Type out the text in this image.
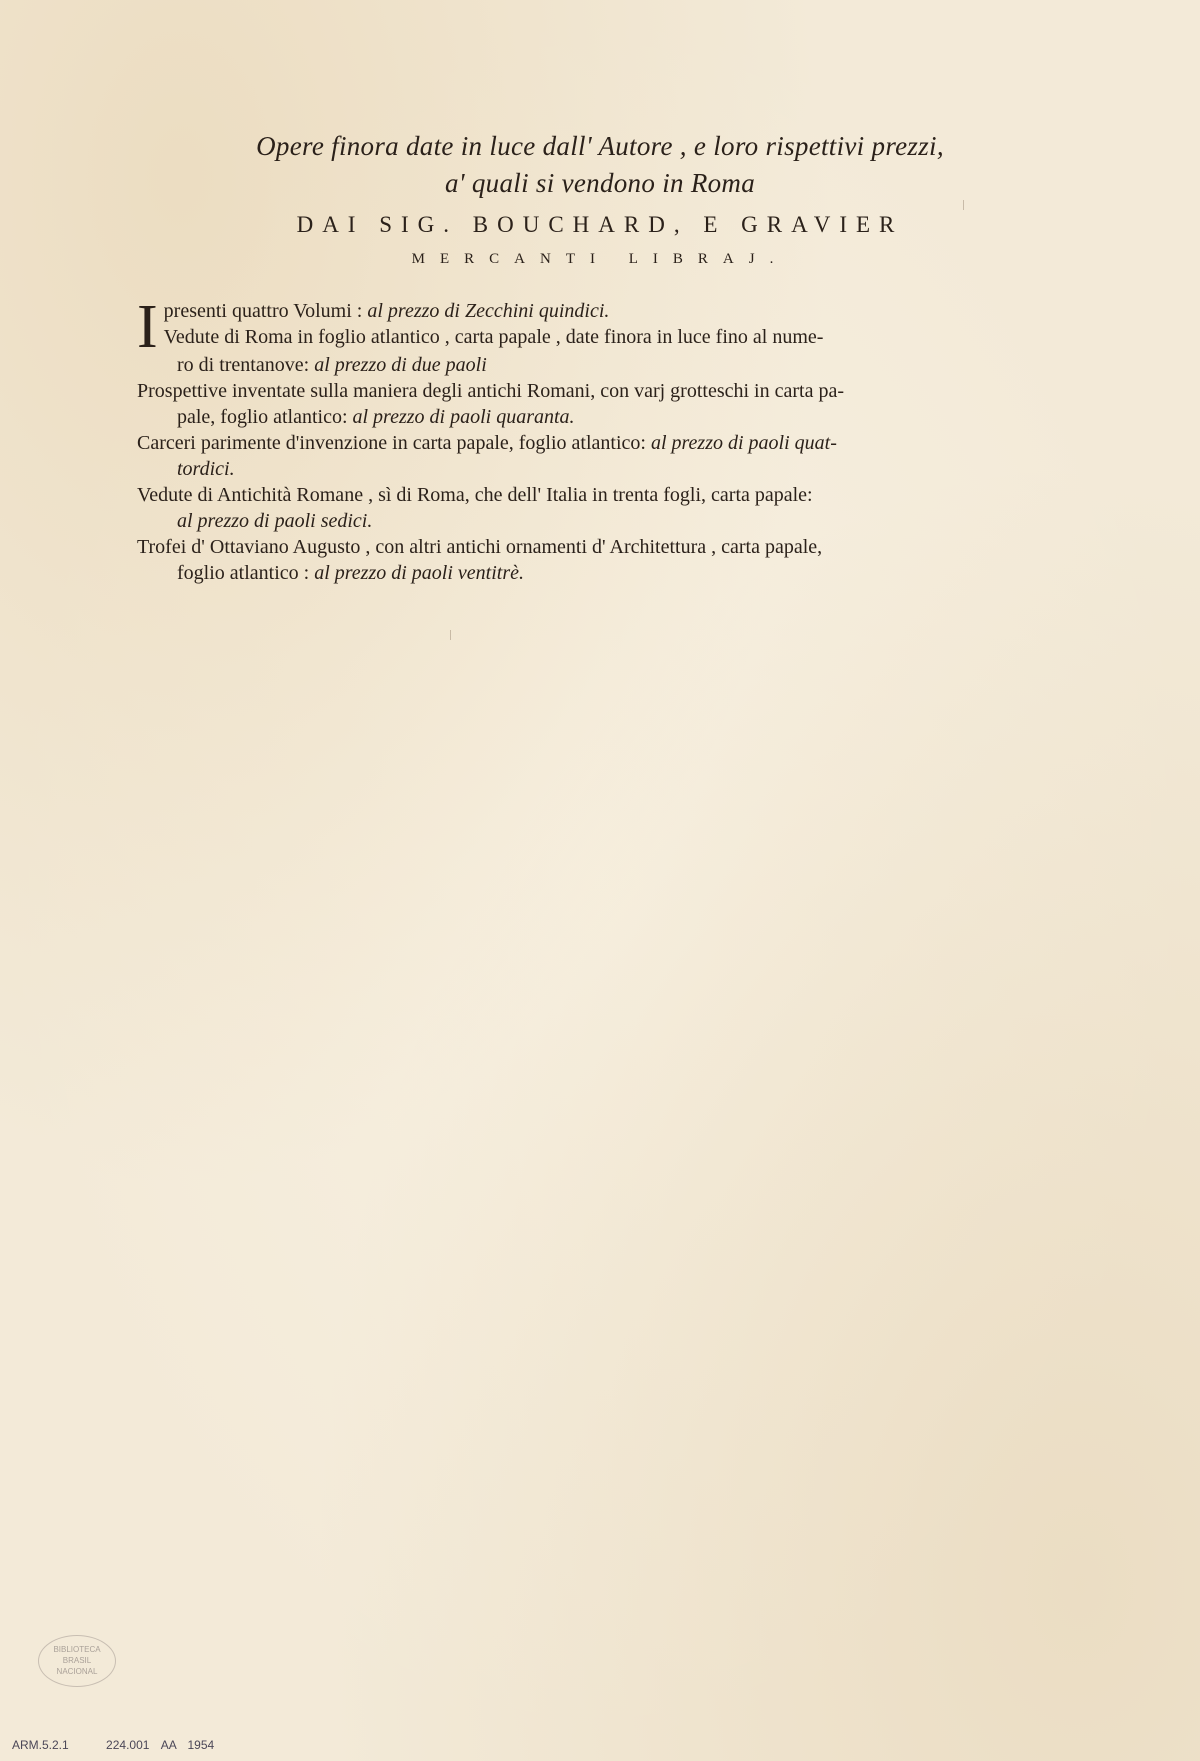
Opere finora date in luce dall' Autore , e loro rispettivi prezzi,
a' quali si vendono in Roma
DAI SIG. BOUCHARD, E GRAVIER
MERCANTI LIBRAJ.

I presenti quattro Volumi : al prezzo di Zecchini quindici.
Vedute di Roma in foglio atlantico , carta papale , date finora in luce fino al nume-

ro di trentanove: al prezzo di due paoli

Prospettive inventate sulla maniera degli antichi Romani, con varj grotteschi in carta pa-
pale, foglio atlantico: al prezzo di paoli quaranta.

Carceri parimente d'invenzione in carta papale, foglio atlantico: al prezzo di paoli quat-
tordici.

Vedute di Antichità Romane , sì di Roma, che dell' Italia in trenta fogli, carta papale:
al prezzo di paoli sedici.

Trofei d' Ottaviano Augusto , con altri antichi ornamenti d' Architettura , carta papale,
foglio atlantico : al prezzo di paoli ventitrè.

BIBLIOTECA
BRASIL
NACIONAL
ARM.5.2.1	224.001 AA 1954
